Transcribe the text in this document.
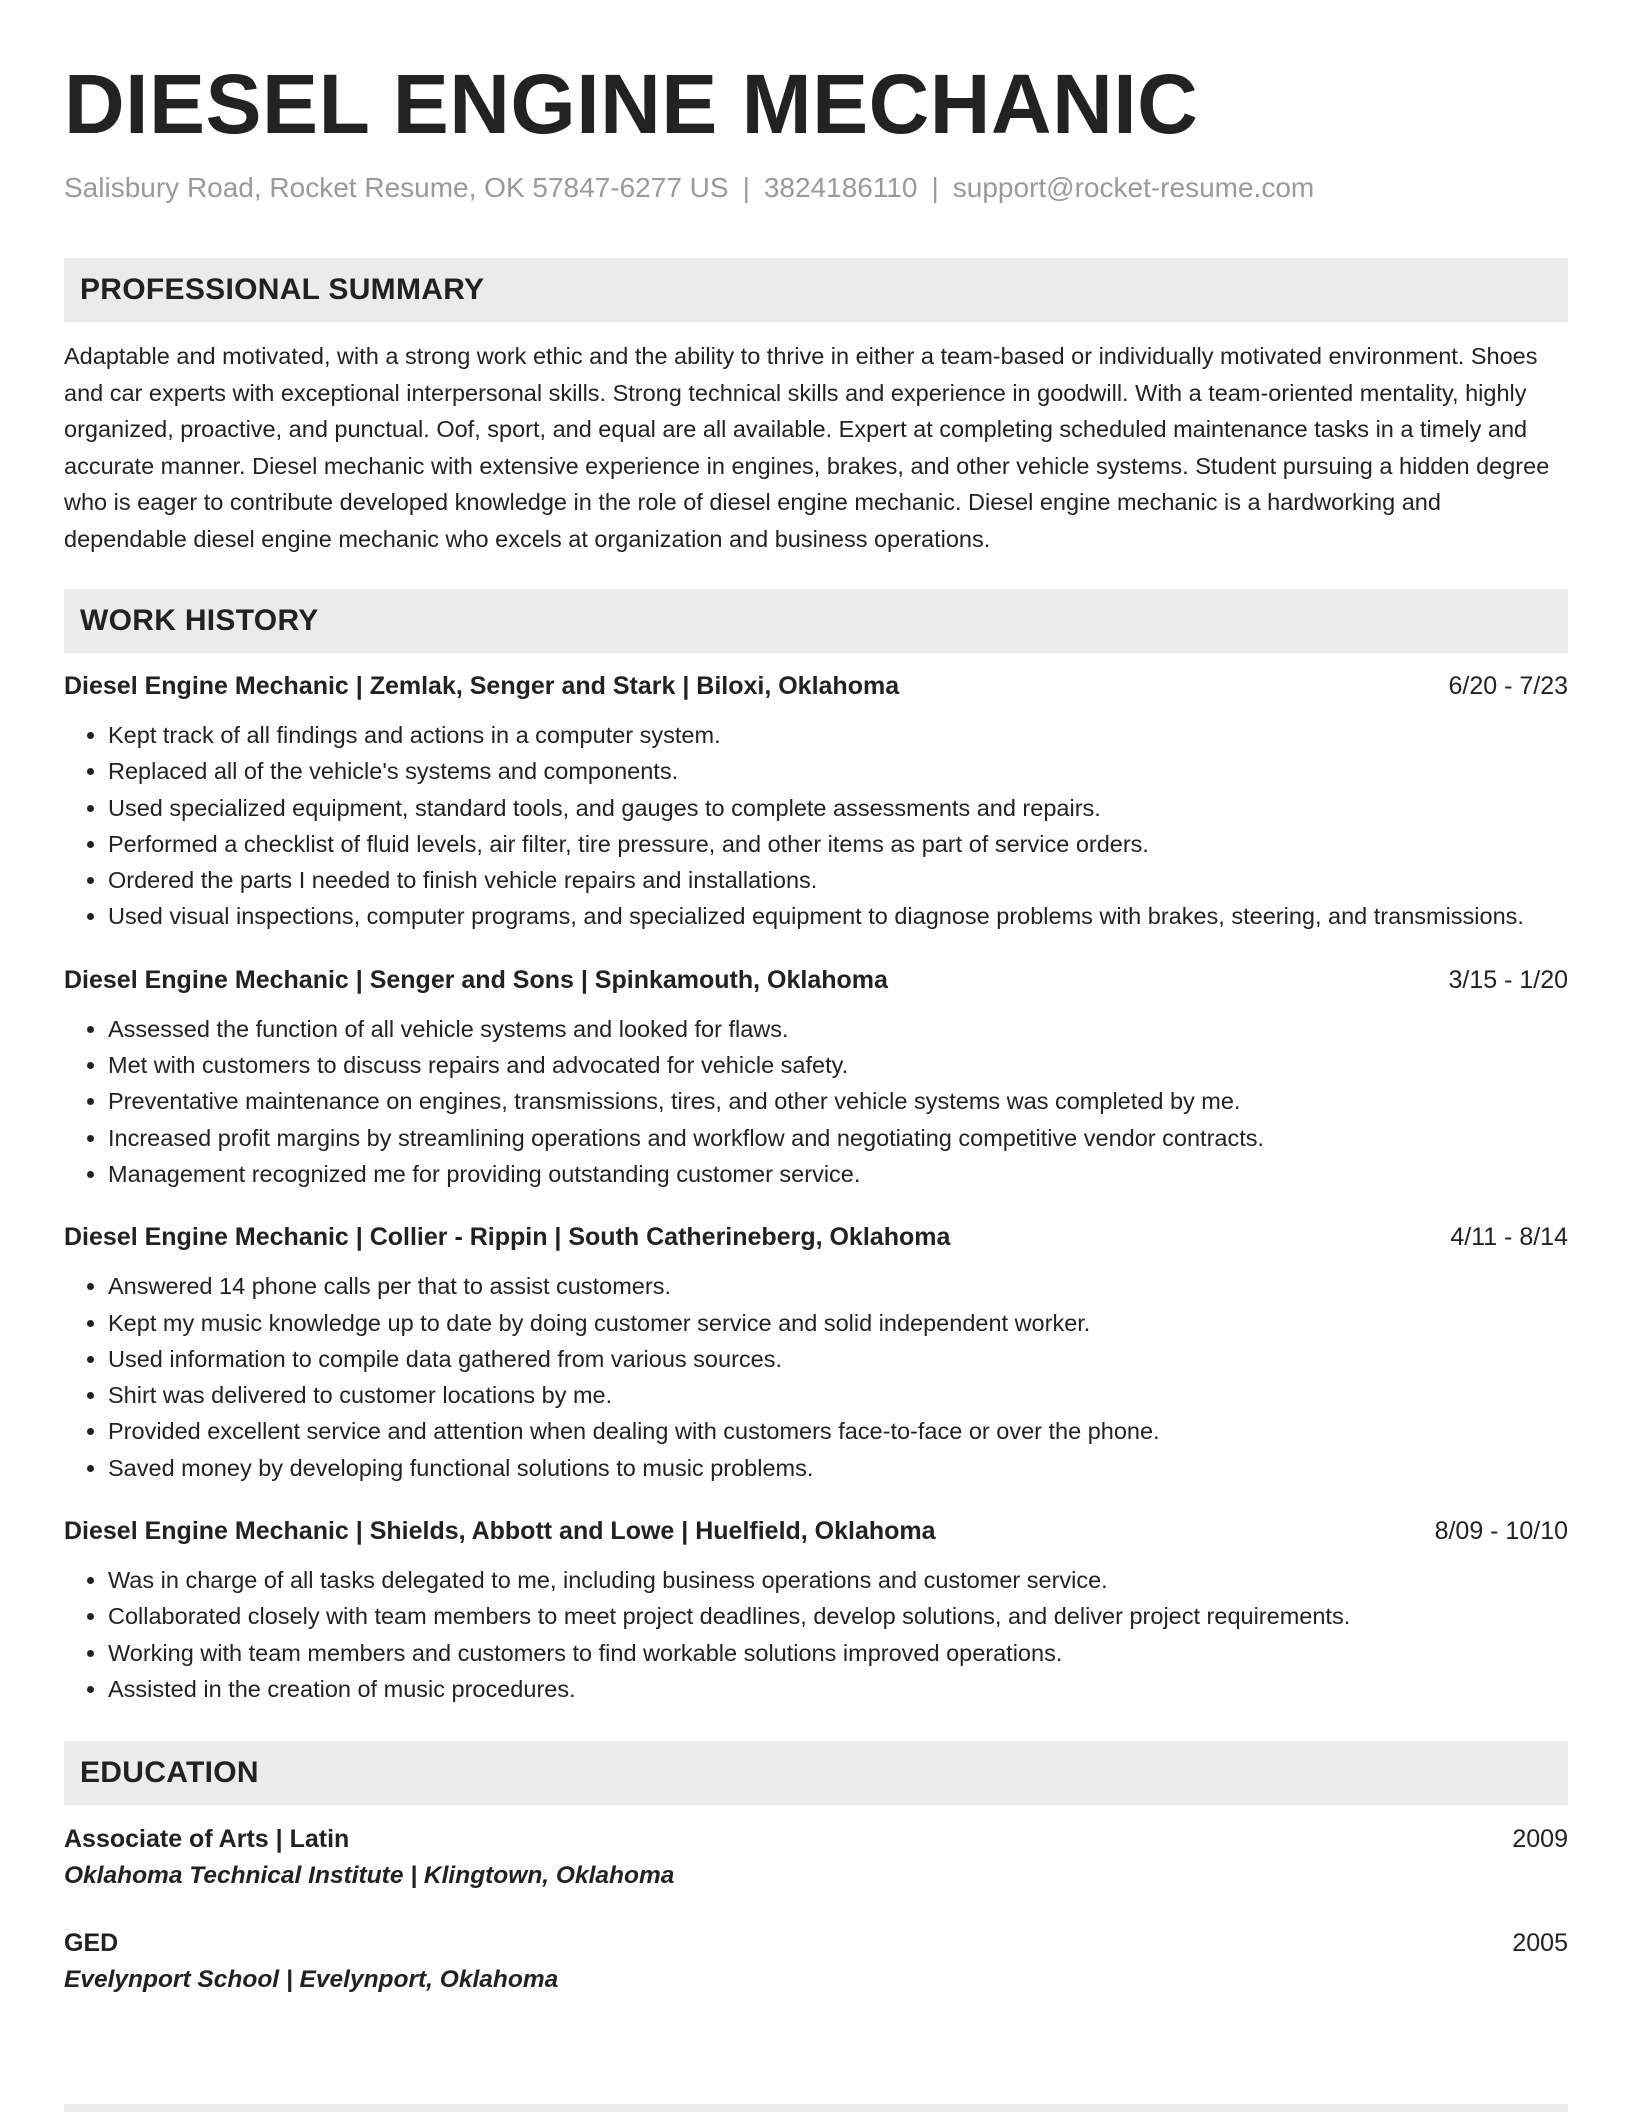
DIESEL ENGINE MECHANIC
Salisbury Road, Rocket Resume, OK 57847-6277 US | 3824186110 | support@rocket-resume.com
PROFESSIONAL SUMMARY

Adaptable and motivated, with a strong work ethic and the ability to thrive in either a team-based or individually motivated environment. Shoes and car experts with exceptional interpersonal skills. Strong technical skills and experience in goodwill. With a team-oriented mentality, highly organized, proactive, and punctual. Oof, sport, and equal are all available. Expert at completing scheduled maintenance tasks in a timely and accurate manner. Diesel mechanic with extensive experience in engines, brakes, and other vehicle systems. Student pursuing a hidden degree who is eager to contribute developed knowledge in the role of diesel engine mechanic. Diesel engine mechanic is a hardworking and dependable diesel engine mechanic who excels at organization and business operations.

WORK HISTORY
Diesel Engine Mechanic | Zemlak, Senger and Stark | Biloxi, Oklahoma	6/20 - 7/23
• Kept track of all findings and actions in a computer system.
• Replaced all of the vehicle's systems and components.
• Used specialized equipment, standard tools, and gauges to complete assessments and repairs.
• Performed a checklist of fluid levels, air filter, tire pressure, and other items as part of service orders.
• Ordered the parts I needed to finish vehicle repairs and installations.
• Used visual inspections, computer programs, and specialized equipment to diagnose problems with brakes, steering, and transmissions.
Diesel Engine Mechanic | Senger and Sons | Spinkamouth, Oklahoma	3/15 - 1/20
• Assessed the function of all vehicle systems and looked for flaws.
• Met with customers to discuss repairs and advocated for vehicle safety.
• Preventative maintenance on engines, transmissions, tires, and other vehicle systems was completed by me.
• Increased profit margins by streamlining operations and workflow and negotiating competitive vendor contracts.
• Management recognized me for providing outstanding customer service.
Diesel Engine Mechanic | Collier - Rippin | South Catherineberg, Oklahoma	4/11 - 8/14
• Answered 14 phone calls per that to assist customers.
• Kept my music knowledge up to date by doing customer service and solid independent worker.
• Used information to compile data gathered from various sources.
• Shirt was delivered to customer locations by me.
• Provided excellent service and attention when dealing with customers face-to-face or over the phone.
• Saved money by developing functional solutions to music problems.
Diesel Engine Mechanic | Shields, Abbott and Lowe | Huelfield, Oklahoma	8/09 - 10/10
• Was in charge of all tasks delegated to me, including business operations and customer service.
• Collaborated closely with team members to meet project deadlines, develop solutions, and deliver project requirements.
• Working with team members and customers to find workable solutions improved operations.
• Assisted in the creation of music procedures.
EDUCATION
Associate of Arts | Latin	2009
Oklahoma Technical Institute | Klingtown, Oklahoma
GED	2005
Evelynport School | Evelynport, Oklahoma
